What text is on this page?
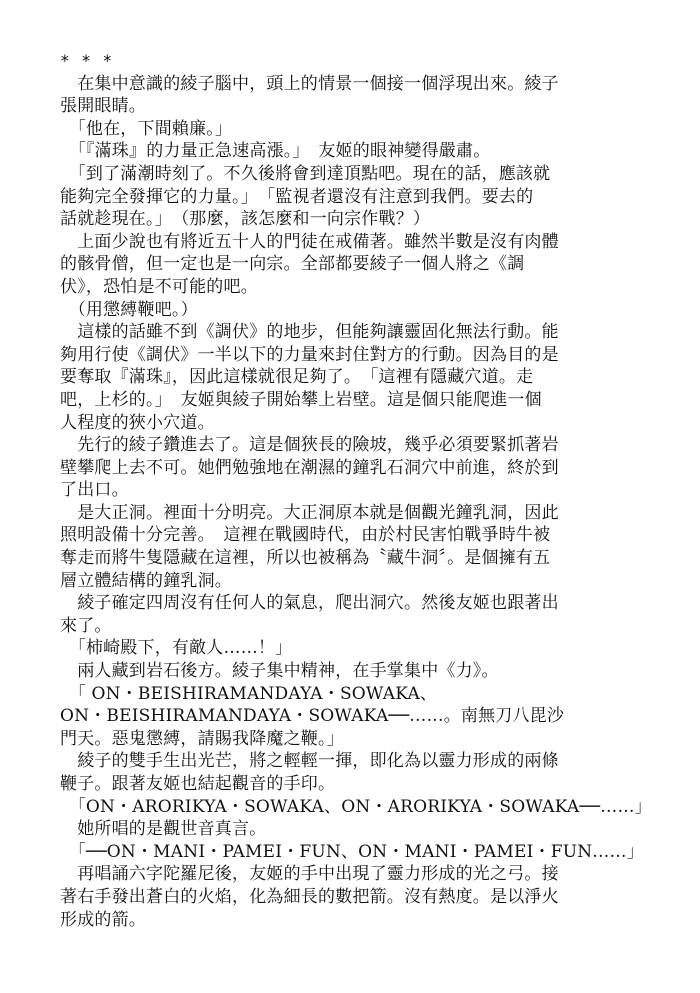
* * *
　在集中意識的綾子腦中，頭上的情景一個接一個浮現出來。綾子
張開眼睛。
　「他在，下間賴廉。」
　「『滿珠』的力量正急速高漲。」　友姬的眼神變得嚴肅。
　「到了滿潮時刻了。不久後將會到達頂點吧。現在的話，應該就
能夠完全發揮它的力量。」　「監視者還沒有注意到我們。要去的
話就趁現在。」　（那麼，該怎麼和一向宗作戰？）
　上面少說也有將近五十人的門徒在戒備著。雖然半數是沒有肉體
的骸骨僧，但一定也是一向宗。全部都要綾子一個人將之《調
伏》，恐怕是不可能的吧。
　（用懲縛鞭吧。）
　這樣的話雖不到《調伏》的地步，但能夠讓靈固化無法行動。能
夠用行使《調伏》一半以下的力量來封住對方的行動。因為目的是
要奪取『滿珠』，因此這樣就很足夠了。　「這裡有隱藏穴道。走
吧，上杉的。」　友姬與綾子開始攀上岩壁。這是個只能爬進一個
人程度的狹小穴道。
　先行的綾子鑽進去了。這是個狹長的險坡，幾乎必須要緊抓著岩
壁攀爬上去不可。她們勉強地在潮濕的鐘乳石洞穴中前進，終於到
了出口。
　是大正洞。裡面十分明亮。大正洞原本就是個觀光鐘乳洞，因此
照明設備十分完善。　這裡在戰國時代，由於村民害怕戰爭時牛被
奪走而將牛隻隱藏在這裡，所以也被稱為〝藏牛洞〞。是個擁有五
層立體結構的鐘乳洞。
　綾子確定四周沒有任何人的氣息，爬出洞穴。然後友姬也跟著出
來了。
　「柿崎殿下，有敵人……！」
　兩人藏到岩石後方。綾子集中精神，在手掌集中《力》。
　「 ON・BEISHIRAMANDAYA・SOWAKA、
ON・BEISHIRAMANDAYA・SOWAKA──……。南無刀八毘沙
門天。惡鬼懲縛，請賜我降魔之鞭。」
　綾子的雙手生出光芒，將之輕輕一揮，即化為以靈力形成的兩條
鞭子。跟著友姬也結起觀音的手印。
　「ON・ARORIKYA・SOWAKA、ON・ARORIKYA・SOWAKA──……」
　她所唱的是觀世音真言。
　「──ON・MANI・PAMEI・FUN、ON・MANI・PAMEI・FUN……」
　再唱誦六字陀羅尼後，友姬的手中出現了靈力形成的光之弓。接
著右手發出蒼白的火焰，化為細長的數把箭。沒有熱度。是以淨火
形成的箭。
